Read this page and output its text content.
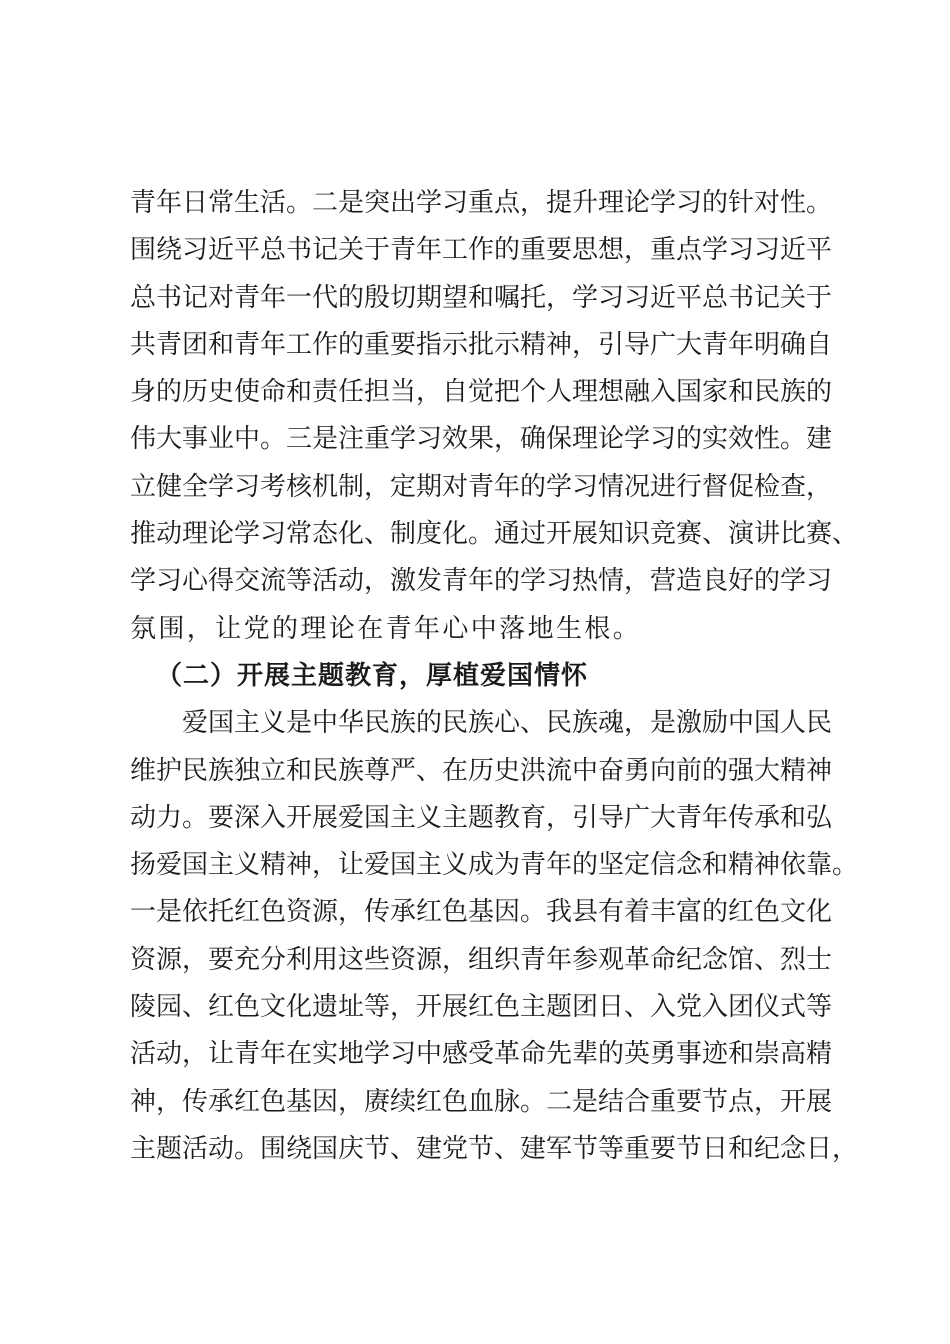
青年日常生活。二是突出学习重点，提升理论学习的针对性。
围绕习近平总书记关于青年工作的重要思想，重点学习习近平
总书记对青年一代的殷切期望和嘱托，学习习近平总书记关于
共青团和青年工作的重要指示批示精神，引导广大青年明确自
身的历史使命和责任担当，自觉把个人理想融入国家和民族的
伟大事业中。三是注重学习效果，确保理论学习的实效性。建
立健全学习考核机制，定期对青年的学习情况进行督促检查，
推动理论学习常态化、制度化。通过开展知识竞赛、演讲比赛、
学习心得交流等活动，激发青年的学习热情，营造良好的学习
氛围，让党的理论在青年心中落地生根。
（二）开展主题教育，厚植爱国情怀
爱国主义是中华民族的民族心、民族魂，是激励中国人民
维护民族独立和民族尊严、在历史洪流中奋勇向前的强大精神
动力。要深入开展爱国主义主题教育，引导广大青年传承和弘
扬爱国主义精神，让爱国主义成为青年的坚定信念和精神依靠。
一是依托红色资源，传承红色基因。我县有着丰富的红色文化
资源，要充分利用这些资源，组织青年参观革命纪念馆、烈士
陵园、红色文化遗址等，开展红色主题团日、入党入团仪式等
活动，让青年在实地学习中感受革命先辈的英勇事迹和崇高精
神，传承红色基因，赓续红色血脉。二是结合重要节点，开展
主题活动。围绕国庆节、建党节、建军节等重要节日和纪念日，
